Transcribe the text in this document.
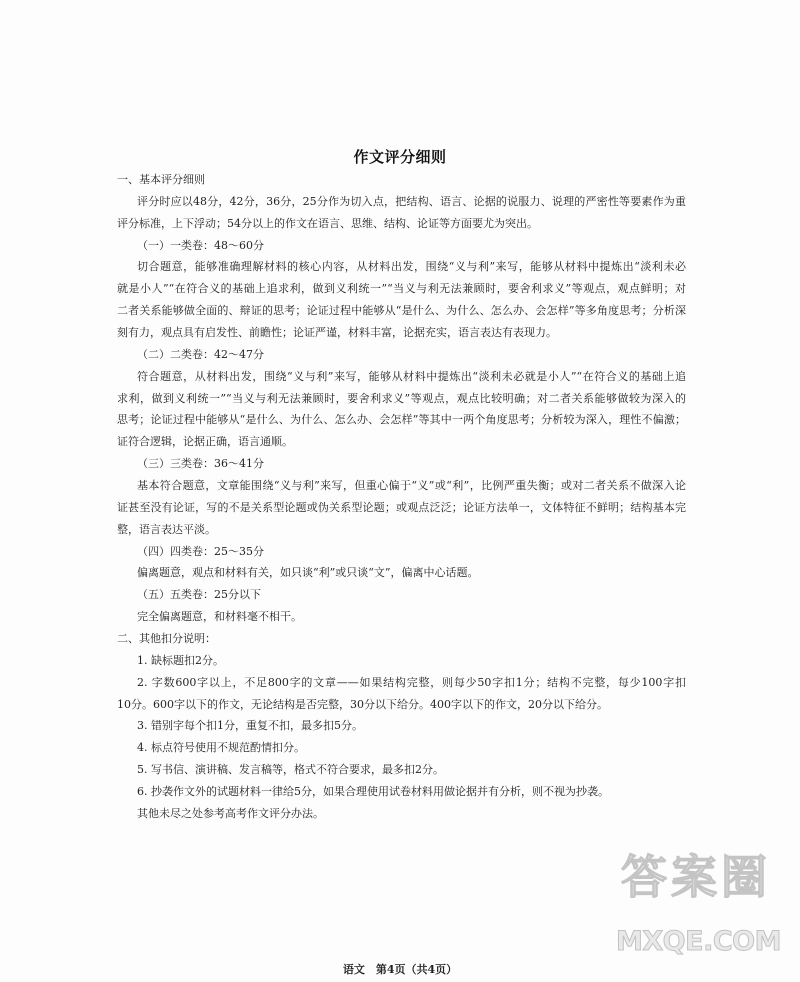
作文评分细则
一、基本评分细则
评分时应以48分，42分，36分，25分作为切入点，把结构、语言、论据的说服力、说理的严密性等要素作为重
评分标准，上下浮动；54分以上的作文在语言、思维、结构、论证等方面要尤为突出。
（一）一类卷：48～60分
切合题意，能够准确理解材料的核心内容，从材料出发，围绕“义与利”来写，能够从材料中提炼出“淡利未必
就是小人”“在符合义的基础上追求利，做到义利统一”“当义与利无法兼顾时，要舍利求义”等观点，观点鲜明；对
二者关系能够做全面的、辩证的思考；论证过程中能够从“是什么、为什么、怎么办、会怎样”等多角度思考；分析深
刻有力，观点具有启发性、前瞻性；论证严谨，材料丰富，论据充实，语言表达有表现力。
（二）二类卷：42～47分
符合题意，从材料出发，围绕“义与利”来写，能够从材料中提炼出“淡利未必就是小人”“在符合义的基础上追
求利，做到义利统一”“当义与利无法兼顾时，要舍利求义”等观点，观点比较明确；对二者关系能够做较为深入的
思考；论证过程中能够从“是什么、为什么、怎么办、会怎样”等其中一两个角度思考；分析较为深入，理性不偏激；
证符合逻辑，论据正确，语言通顺。
（三）三类卷：36～41分
基本符合题意，文章能围绕“义与利”来写，但重心偏于“义”或“利”，比例严重失衡；或对二者关系不做深入论
证甚至没有论证，写的不是关系型论题或伪关系型论题；或观点泛泛；论证方法单一，文体特征不鲜明；结构基本完
整，语言表达平淡。
（四）四类卷：25～35分
偏离题意，观点和材料有关，如只谈“利”或只谈“文”，偏离中心话题。
（五）五类卷：25分以下
完全偏离题意，和材料毫不相干。
二、其他扣分说明：
1. 缺标题扣2分。
2. 字数600字以上，不足800字的文章——如果结构完整，则每少50字扣1分；结构不完整，每少100字扣
10分。600字以下的作文，无论结构是否完整，30分以下给分。400字以下的作文，20分以下给分。
3. 错别字每个扣1分，重复不扣，最多扣5分。
4. 标点符号使用不规范酌情扣分。
5. 写书信、演讲稿、发言稿等，格式不符合要求，最多扣2分。
6. 抄袭作文外的试题材料一律给5分，如果合理使用试卷材料用做论据并有分析，则不视为抄袭。
其他未尽之处参考高考作文评分办法。
答案圈
MXQE.COM
语文　第4页（共4页）
